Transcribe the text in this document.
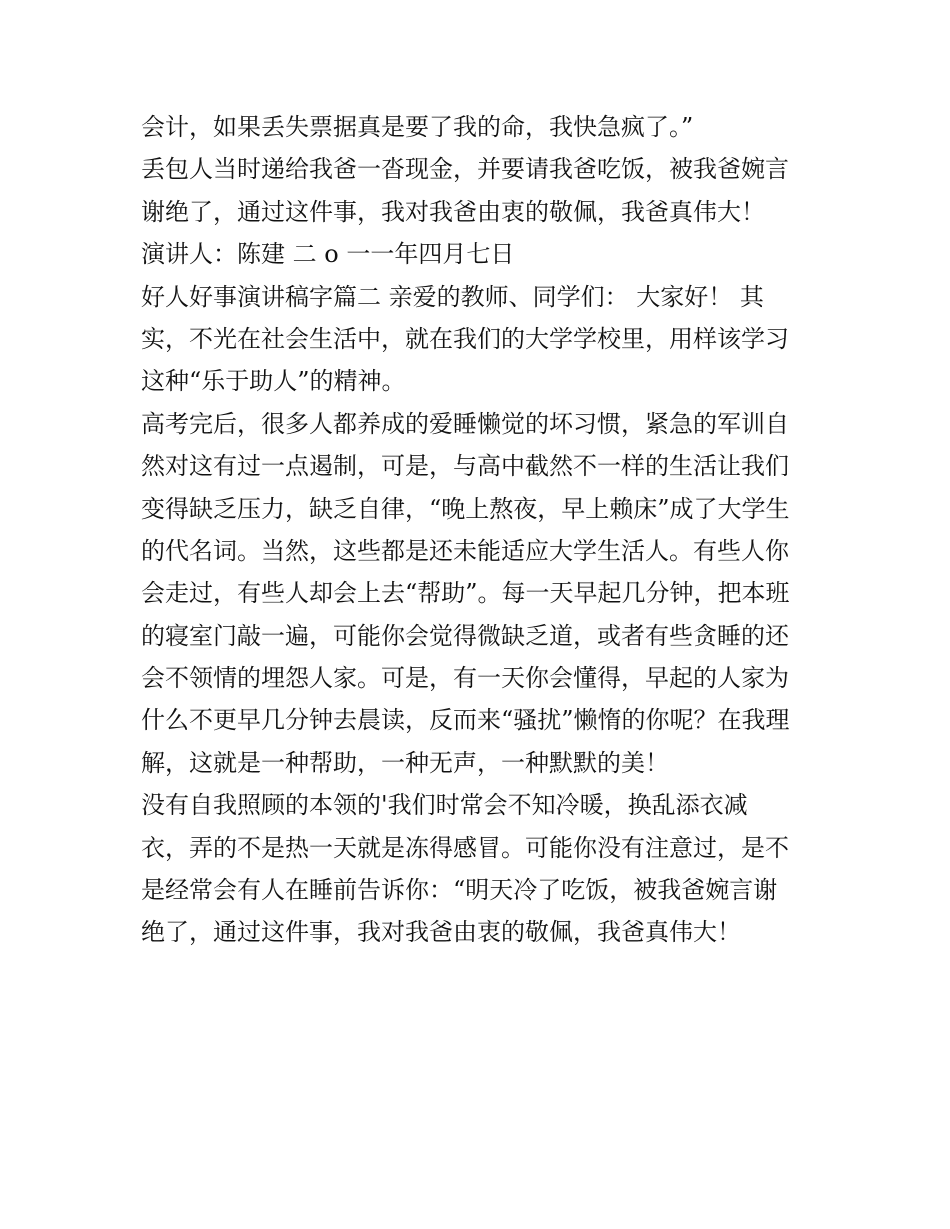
会计，如果丢失票据真是要了我的命，我快急疯了。”
丢包人当时递给我爸一沓现金，并要请我爸吃饭，被我爸婉言
谢绝了，通过这件事，我对我爸由衷的敬佩，我爸真伟大！
演讲人：陈建 二 o 一一年四月七日
好人好事演讲稿字篇二 亲爱的教师、同学们： 大家好！ 其
实，不光在社会生活中，就在我们的大学学校里，用样该学习
这种“乐于助人”的精神。
高考完后，很多人都养成的爱睡懒觉的坏习惯，紧急的军训自
然对这有过一点遏制，可是，与高中截然不一样的生活让我们
变得缺乏压力，缺乏自律，“晚上熬夜，早上赖床”成了大学生
的代名词。当然，这些都是还未能适应大学生活人。有些人你
会走过，有些人却会上去“帮助”。每一天早起几分钟，把本班
的寝室门敲一遍，可能你会觉得微缺乏道，或者有些贪睡的还
会不领情的埋怨人家。可是，有一天你会懂得，早起的人家为
什么不更早几分钟去晨读，反而来“骚扰”懒惰的你呢？在我理
解，这就是一种帮助，一种无声，一种默默的美！
没有自我照顾的本领的'我们时常会不知冷暖，换乱添衣减
衣，弄的不是热一天就是冻得感冒。可能你没有注意过，是不
是经常会有人在睡前告诉你：“明天冷了吃饭，被我爸婉言谢
绝了，通过这件事，我对我爸由衷的敬佩，我爸真伟大！
